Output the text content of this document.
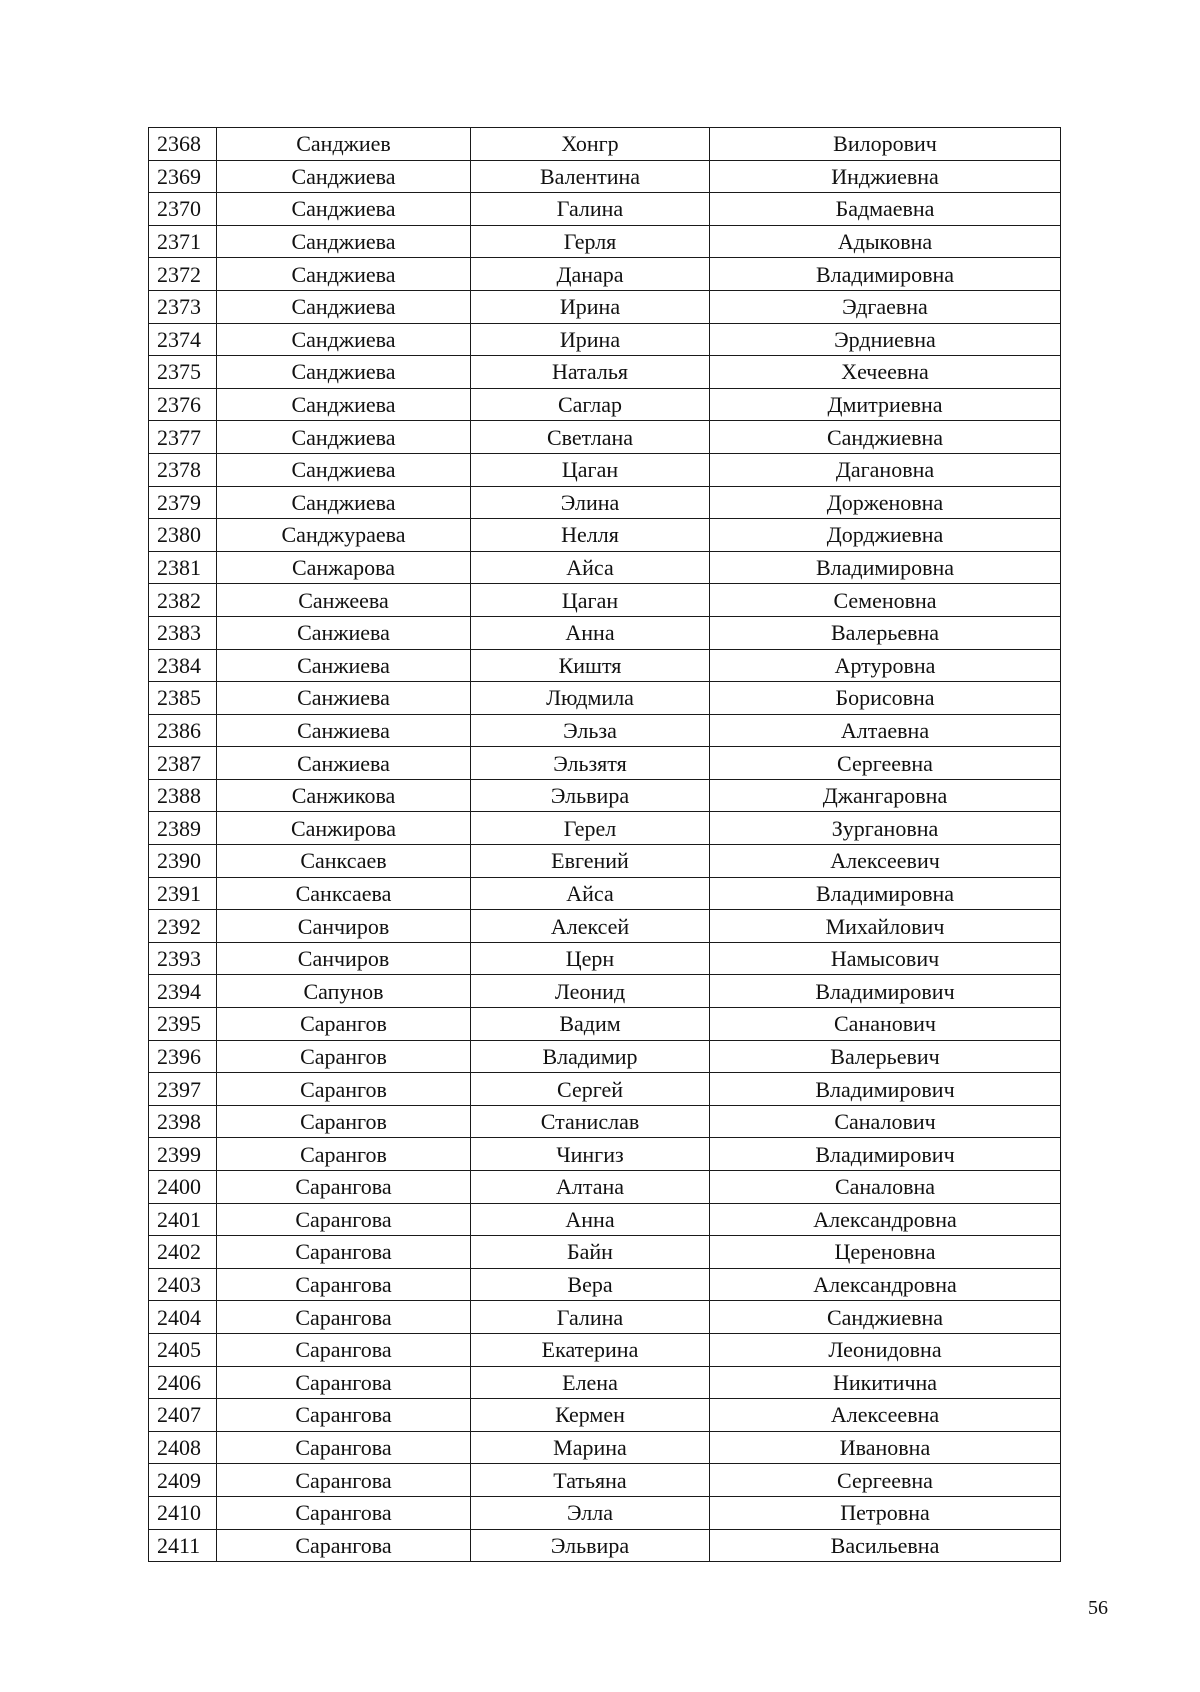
2368	Санджиев	Хонгр	Вилорович
2369	Санджиева	Валентина	Инджиевна
2370	Санджиева	Галина	Бадмаевна
2371	Санджиева	Герля	Адыковна
2372	Санджиева	Данара	Владимировна
2373	Санджиева	Ирина	Эдгаевна
2374	Санджиева	Ирина	Эрдниевна
2375	Санджиева	Наталья	Хечеевна
2376	Санджиева	Саглар	Дмитриевна
2377	Санджиева	Светлана	Санджиевна
2378	Санджиева	Цаган	Дагановна
2379	Санджиева	Элина	Дорженовна
2380	Санджураева	Нелля	Дорджиевна
2381	Санжарова	Айса	Владимировна
2382	Санжеева	Цаган	Семеновна
2383	Санжиева	Анна	Валерьевна
2384	Санжиева	Киштя	Артуровна
2385	Санжиева	Людмила	Борисовна
2386	Санжиева	Эльза	Алтаевна
2387	Санжиева	Эльзятя	Сергеевна
2388	Санжикова	Эльвира	Джангаровна
2389	Санжирова	Герел	Зургановна
2390	Санксаев	Евгений	Алексеевич
2391	Санксаева	Айса	Владимировна
2392	Санчиров	Алексей	Михайлович
2393	Санчиров	Церн	Намысович
2394	Сапунов	Леонид	Владимирович
2395	Сарангов	Вадим	Сананович
2396	Сарангов	Владимир	Валерьевич
2397	Сарангов	Сергей	Владимирович
2398	Сарангов	Станислав	Саналович
2399	Сарангов	Чингиз	Владимирович
2400	Сарангова	Алтана	Саналовна
2401	Сарангова	Анна	Александровна
2402	Сарангова	Байн	Цереновна
2403	Сарангова	Вера	Александровна
2404	Сарангова	Галина	Санджиевна
2405	Сарангова	Екатерина	Леонидовна
2406	Сарангова	Елена	Никитична
2407	Сарангова	Кермен	Алексеевна
2408	Сарангова	Марина	Ивановна
2409	Сарангова	Татьяна	Сергеевна
2410	Сарангова	Элла	Петровна
2411	Сарангова	Эльвира	Васильевна
56
